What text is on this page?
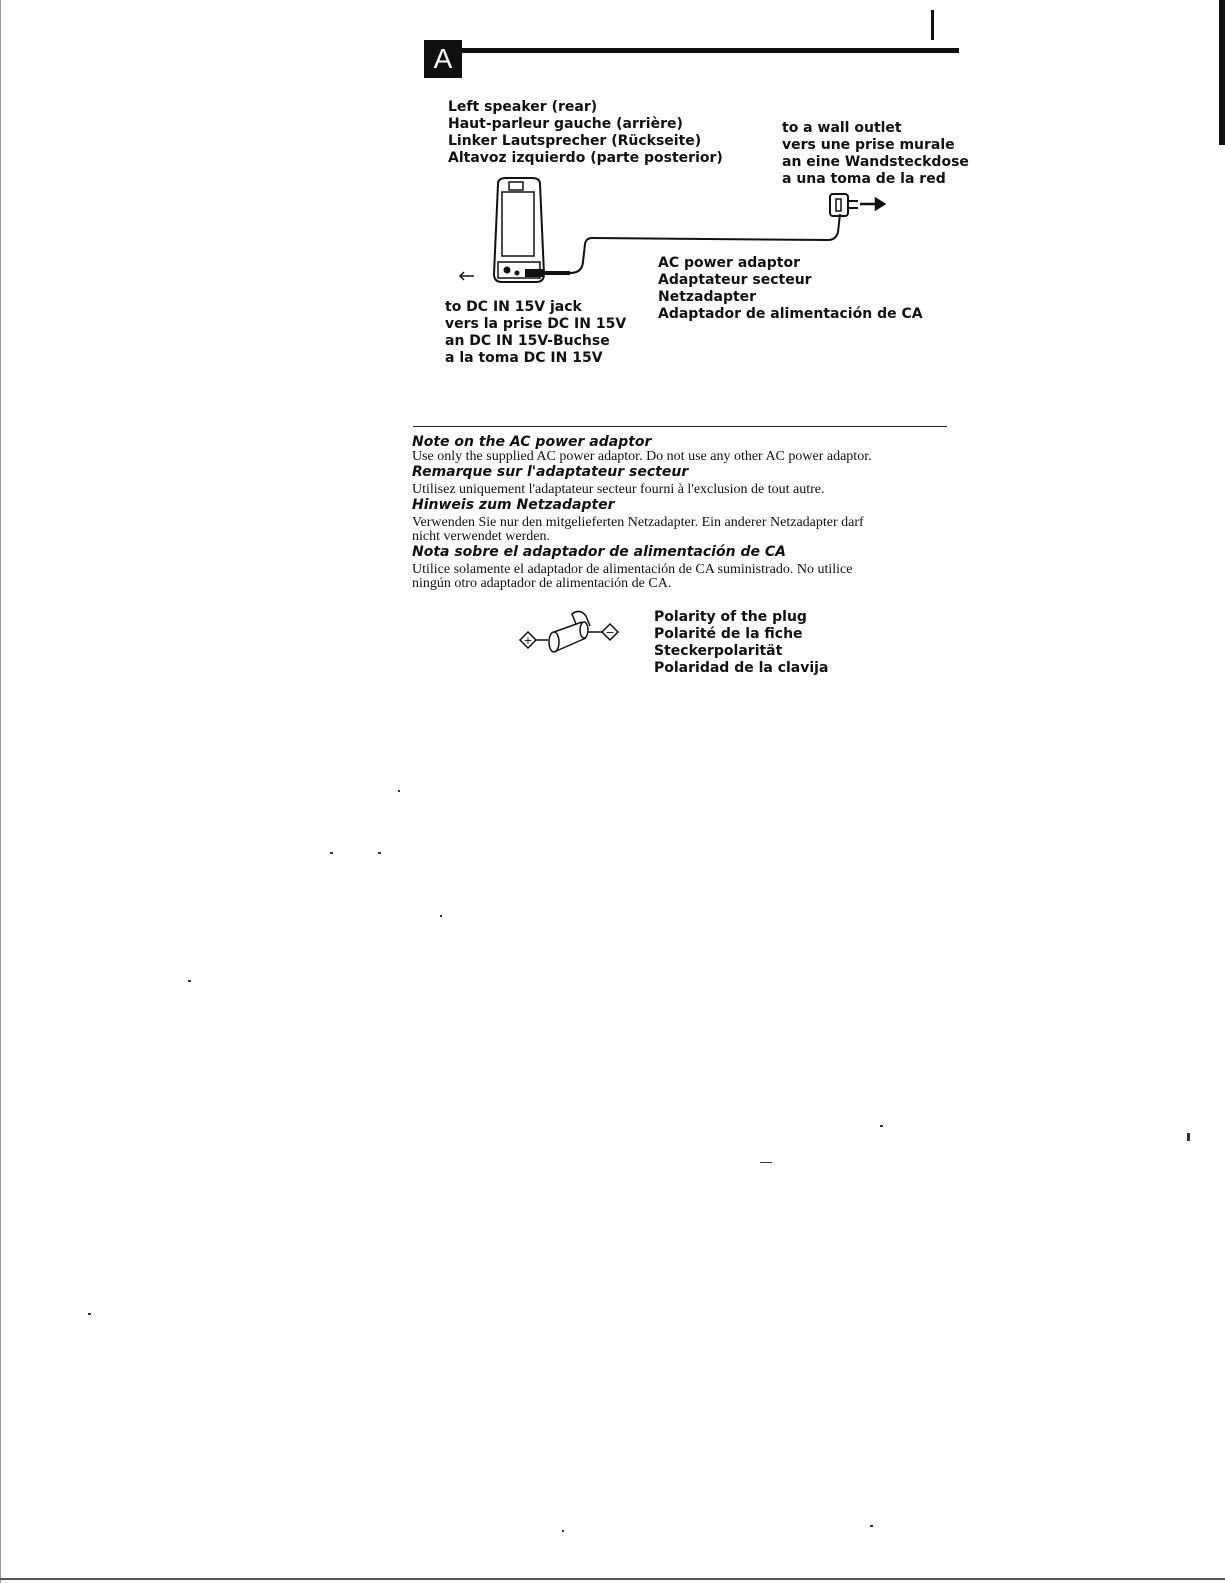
A
Left speaker (rear)
Haut-parleur gauche (arrière)
Linker Lautsprecher (Rückseite)
Altavoz izquierdo (parte posterior)
to a wall outlet
vers une prise murale
an eine Wandsteckdose
a una toma de la red
AC power adaptor
Adaptateur secteur
Netzadapter
Adaptador de alimentación de CA
to DC IN 15V jack
vers la prise DC IN 15V
an DC IN 15V-Buchse
a la toma DC IN 15V
Note on the AC power adaptor
Use only the supplied AC power adaptor. Do not use any other AC power adaptor.
Remarque sur l'adaptateur secteur
Utilisez uniquement l'adaptateur secteur fourni à l'exclusion de tout autre.
Hinweis zum Netzadapter
Verwenden Sie nur den mitgelieferten Netzadapter. Ein anderer Netzadapter darf
nicht verwendet werden.
Nota sobre el adaptador de alimentación de CA
Utilice solamente el adaptador de alimentación de CA suministrado. No utilice
ningún otro adaptador de alimentación de CA.
+
−
Polarity of the plug
Polarité de la fiche
Steckerpolarität
Polaridad de la clavija
